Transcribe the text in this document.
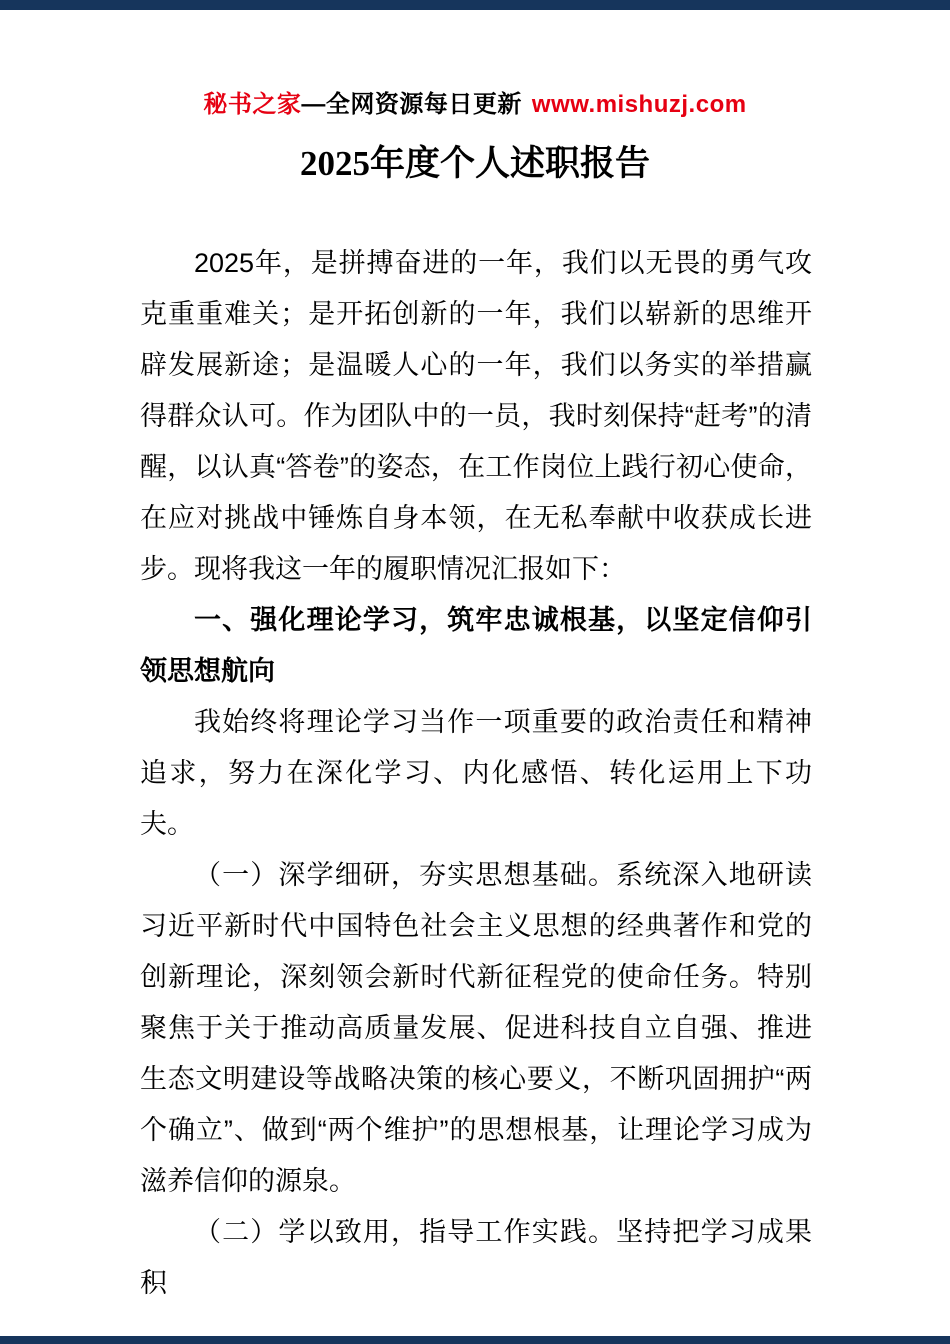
秘书之家—全网资源每日更新 www.mishuzj.com
2025年度个人述职报告

2025年，是拼搏奋进的一年，我们以无畏的勇气攻克重重难关；是开拓创新的一年，我们以崭新的思维开辟发展新途；是温暖人心的一年，我们以务实的举措赢得群众认可。作为团队中的一员，我时刻保持“赶考”的清醒，以认真“答卷”的姿态，在工作岗位上践行初心使命，在应对挑战中锤炼自身本领，在无私奉献中收获成长进步。现将我这一年的履职情况汇报如下：

一、强化理论学习，筑牢忠诚根基，以坚定信仰引领思想航向

我始终将理论学习当作一项重要的政治责任和精神追求，努力在深化学习、内化感悟、转化运用上下功夫。

（一）深学细研，夯实思想基础。系统深入地研读习近平新时代中国特色社会主义思想的经典著作和党的创新理论，深刻领会新时代新征程党的使命任务。特别聚焦于关于推动高质量发展、促进科技自立自强、推进生态文明建设等战略决策的核心要义，不断巩固拥护“两个确立”、做到“两个维护”的思想根基，让理论学习成为滋养信仰的源泉。

（二）学以致用，指导工作实践。坚持把学习成果积
